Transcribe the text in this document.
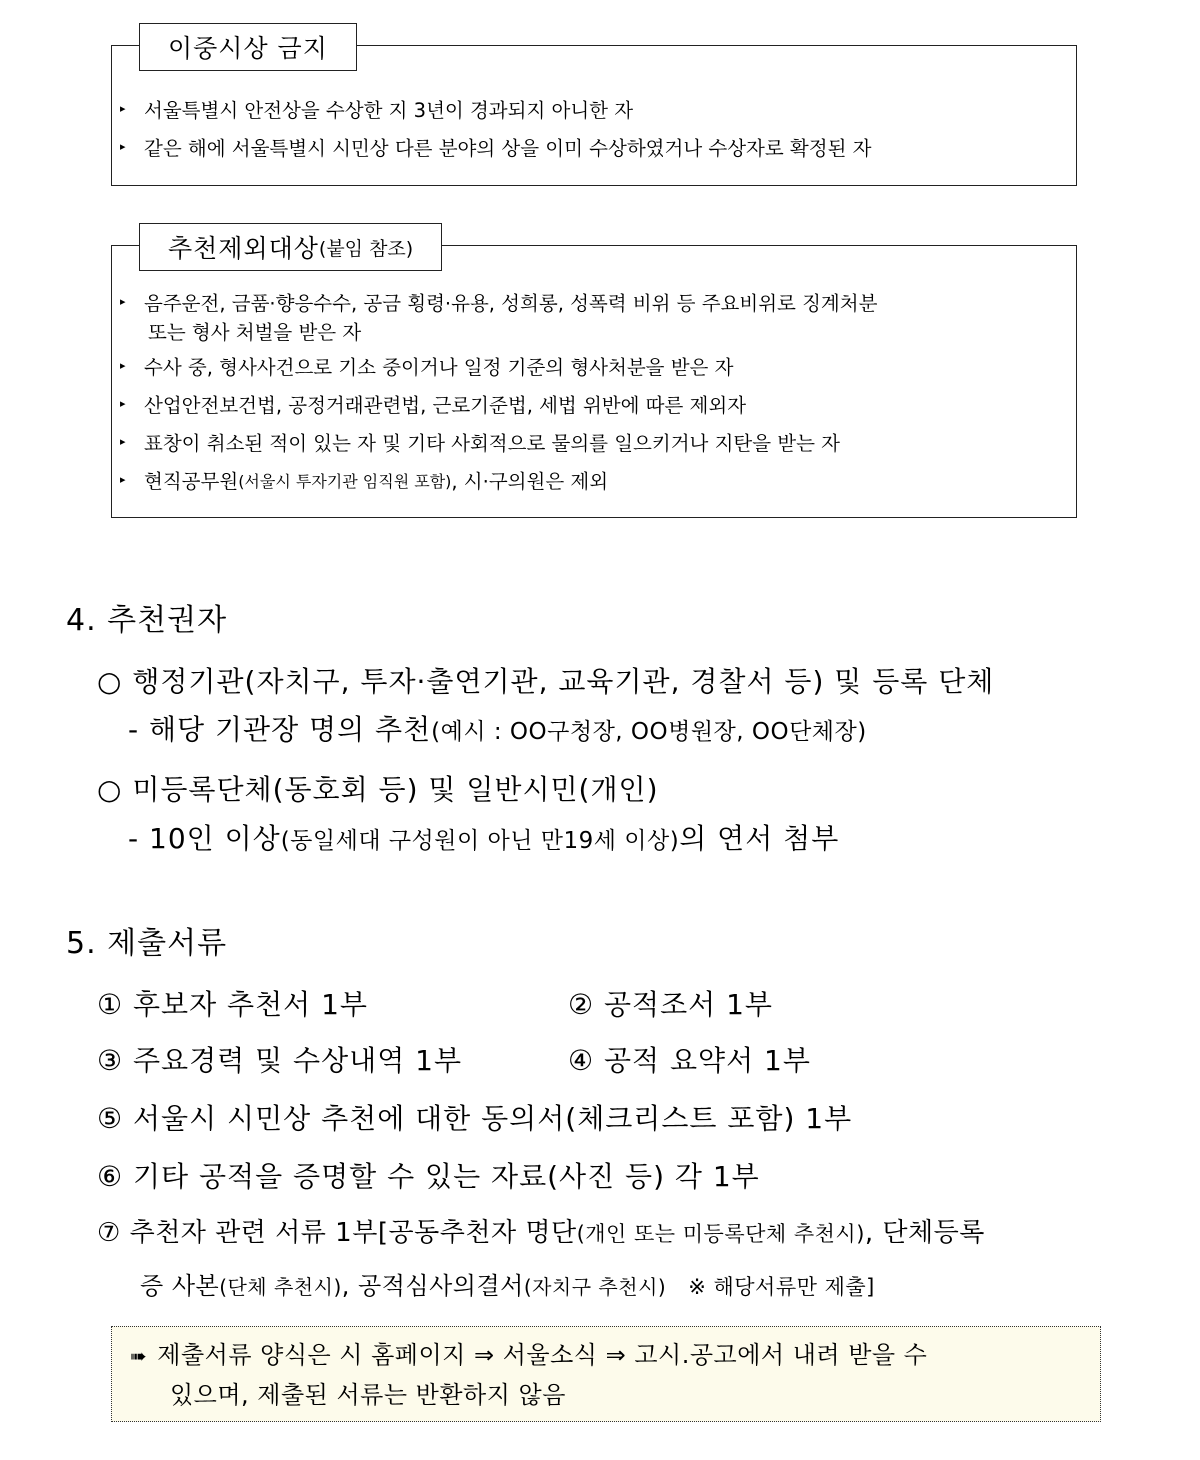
이중시상 금지
▸ 서울특별시 안전상을 수상한 지 3년이 경과되지 아니한 자
▸ 같은 해에 서울특별시 시민상 다른 분야의 상을 이미 수상하였거나 수상자로 확정된 자
추천제외대상 (붙임 참조)
▸ 음주운전, 금품·향응수수, 공금 횡령·유용, 성희롱, 성폭력 비위 등 주요비위로 징계처분
또는 형사 처벌을 받은 자
▸ 수사 중, 형사사건으로 기소 중이거나 일정 기준의 형사처분을 받은 자
▸ 산업안전보건법, 공정거래관련법, 근로기준법, 세법 위반에 따른 제외자
▸ 표창이 취소된 적이 있는 자 및 기타 사회적으로 물의를 일으키거나 지탄을 받는 자
▸ 현직공무원 (서울시 투자기관 임직원 포함) , 시·구의원은 제외
4. 추천권자
○ 행정기관(자치구, 투자·출연기관, 교육기관, 경찰서 등) 및 등록 단체
- 해당 기관장 명의 추천(예시 : OO구청장, OO병원장, OO단체장)
○ 미등록단체(동호회 등) 및 일반시민(개인)
- 10인 이상(동일세대 구성원이 아닌 만19세 이상)의 연서 첨부
5. 제출서류
① 후보자 추천서 1부	② 공적조서 1부
③ 주요경력 및 수상내역 1부	④ 공적 요약서 1부
⑤ 서울시 시민상 추천에 대한 동의서(체크리스트 포함) 1부
⑥ 기타 공적을 증명할 수 있는 자료(사진 등) 각 1부
⑦ 추천자 관련 서류 1부[공동추천자 명단(개인 또는 미등록단체 추천시), 단체등록
증 사본(단체 추천시), 공적심사의결서(자치구 추천시) ※ 해당서류만 제출]
➠ 제출서류 양식은 시 홈페이지 ⇒ 서울소식 ⇒ 고시.공고에서 내려 받을 수
있으며, 제출된 서류는 반환하지 않음
